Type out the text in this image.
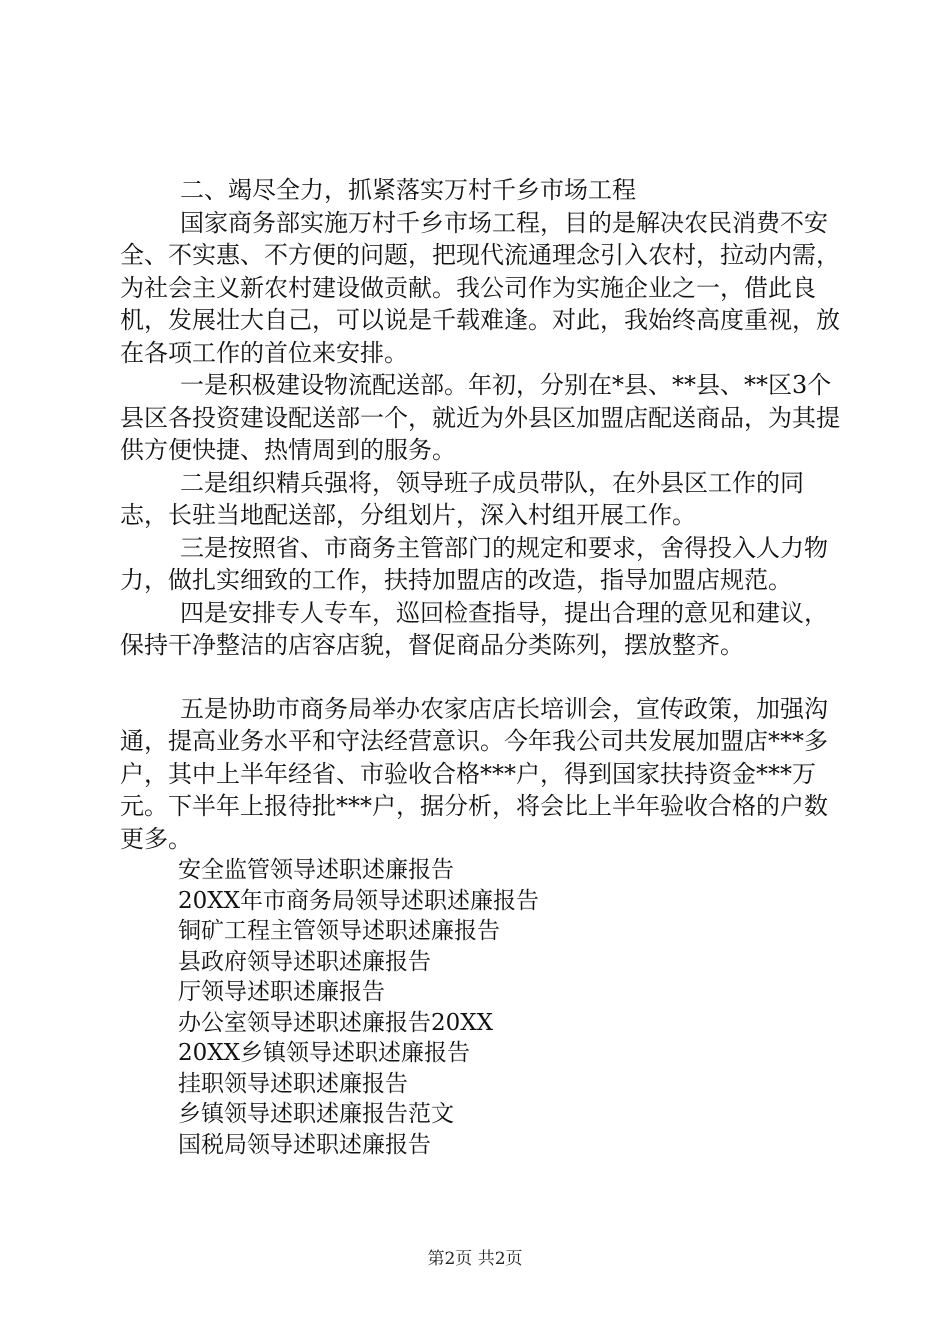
二、竭尽全力，抓紧落实万村千乡市场工程

国家商务部实施万村千乡市场工程，目的是解决农民消费不安全、不实惠、不方便的问题，把现代流通理念引入农村，拉动内需，为社会主义新农村建设做贡献。我公司作为实施企业之一，借此良机，发展壮大自己，可以说是千载难逢。对此，我始终高度重视，放在各项工作的首位来安排。

一是积极建设物流配送部。年初，分别在*县、**县、**区3个县区各投资建设配送部一个，就近为外县区加盟店配送商品，为其提供方便快捷、热情周到的服务。

二是组织精兵强将，领导班子成员带队，在外县区工作的同志，长驻当地配送部，分组划片，深入村组开展工作。

三是按照省、市商务主管部门的规定和要求，舍得投入人力物力，做扎实细致的工作，扶持加盟店的改造，指导加盟店规范。

四是安排专人专车，巡回检查指导，提出合理的意见和建议，保持干净整洁的店容店貌，督促商品分类陈列，摆放整齐。

五是协助市商务局举办农家店店长培训会，宣传政策，加强沟通，提高业务水平和守法经营意识。今年我公司共发展加盟店***多户，其中上半年经省、市验收合格***户，得到国家扶持资金***万元。下半年上报待批***户，据分析，将会比上半年验收合格的户数更多。

安全监管领导述职述廉报告
20XX年市商务局领导述职述廉报告
铜矿工程主管领导述职述廉报告
县政府领导述职述廉报告
厅领导述职述廉报告
办公室领导述职述廉报告20XX
20XX乡镇领导述职述廉报告
挂职领导述职述廉报告
乡镇领导述职述廉报告范文
国税局领导述职述廉报告
第2页 共2页
